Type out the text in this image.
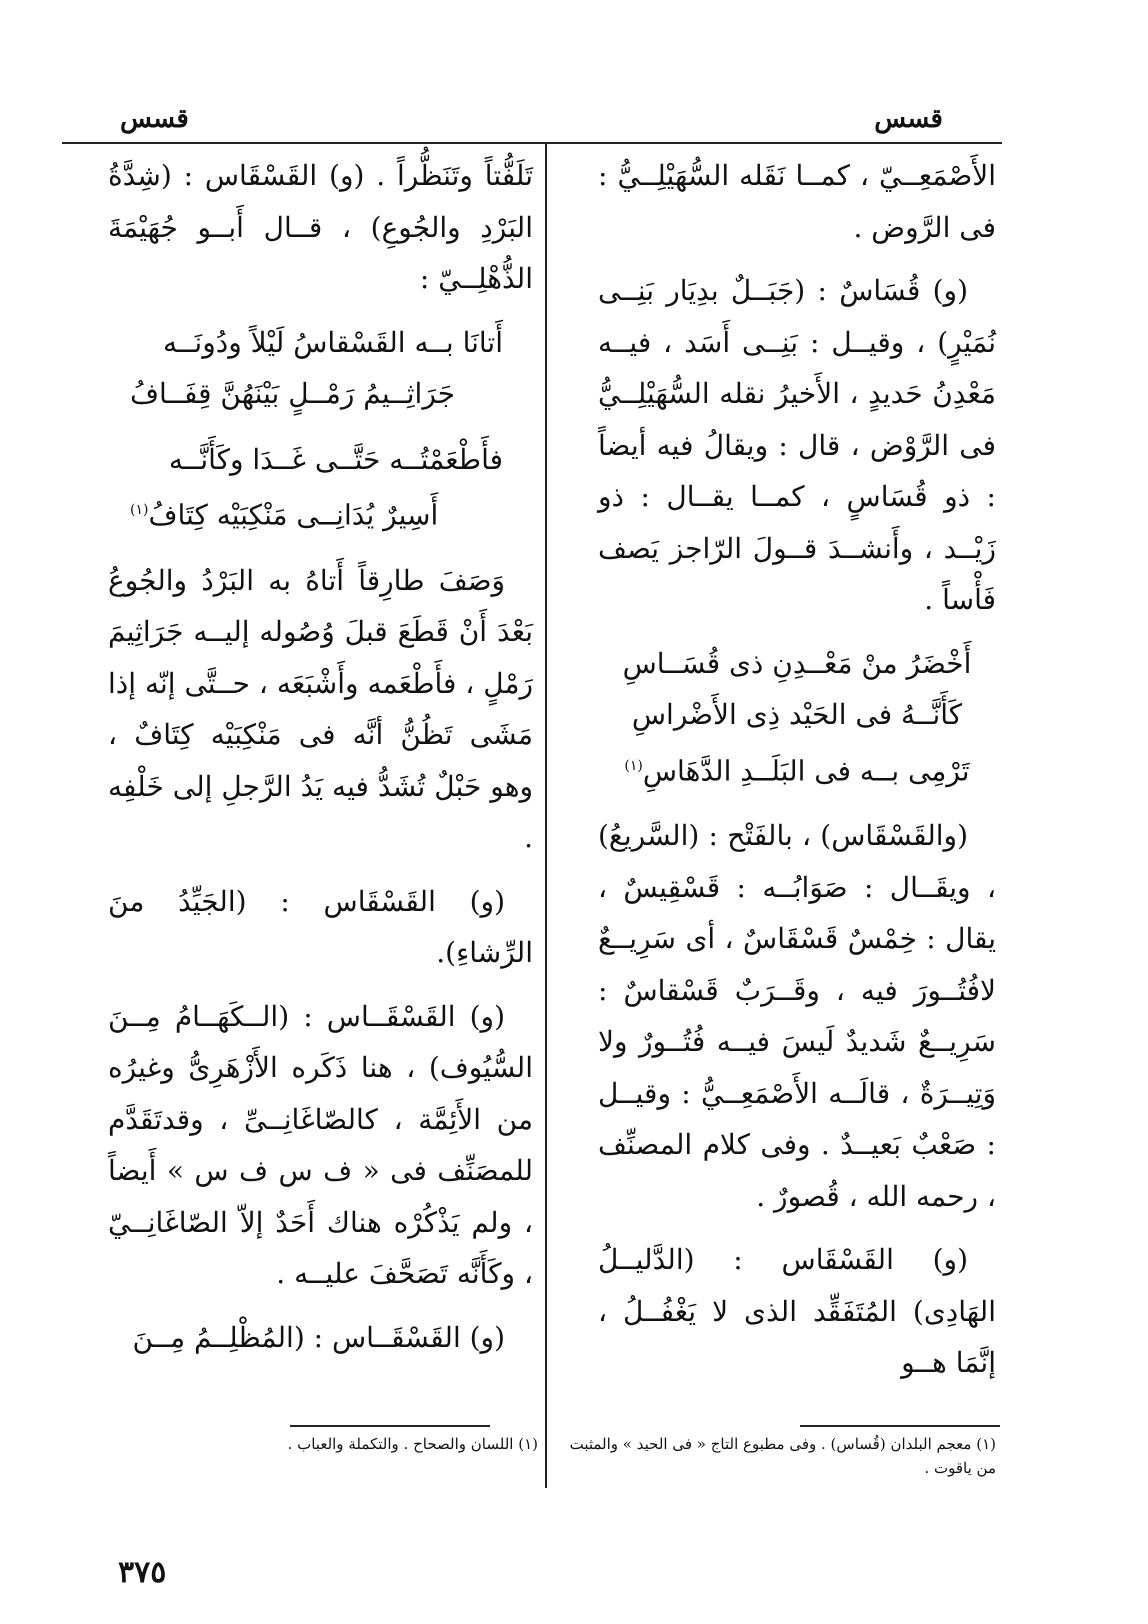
قسس
قسس

الأَصْمَعِــيّ ، كمــا نَقَله السُّهَيْلِــيُّ : فى الرَّوض .

(و) قُسَاسٌ : (جَبَــلٌ بدِيَار بَنِــى نُمَيْرٍ) ، وقيــل : بَنِــى أَسَد ، فيــه مَعْدِنُ حَديدٍ ، الأَخيرُ نقله السُّهَيْلِــيُّ فى الرَّوْض ، قال : ويقالُ فيه أيضاً : ذو قُسَاسٍ ، كمــا يقــال : ذو زَيْــد ، وأَنشــدَ قــولَ الرّاجز يَصف فَأْساً .

أَخْضَرُ منْ مَعْــدِنِ ذى قُسَــاسِ
كَأَنَّــهُ فى الحَيْد ذِى الأَضْراسِ
تَرْمِى بــه فى البَلَــدِ الدَّهَاسِ$^{(١)}$

(والقَسْقَاس) ، بالفَتْح : (السَّريعُ) ، ويقَــال : صَوَابُــه : قَسْقِيسٌ ، يقال : خِمْسٌ قَسْقَاسٌ ، أى سَرِيــعٌ لافُتُــورَ فيه ، وقَــرَبٌ قَسْقاسٌ : سَرِيــعٌ شَديدٌ لَيسَ فيــه فُتُــورٌ ولا وَتِيــرَةٌ ، قالَــه الأَصْمَعِــيُّ : وقيــل : صَعْبٌ بَعيــدٌ . وفى كلام المصنِّف ، رحمه الله ، قُصورٌ .

(و) القَسْقَاس : (الدَّليــلُ الهَادِى) المُتَفَقِّد الذى لا يَغْفُــلُ ، إنَّمَا هــو

تَلَفُّتاً وتَنَظُّراً . (و) القَسْقَاس : (شِدَّةُ البَرْدِ والجُوعِ) ، قــال أَبــو جُهَيْمَةَ الذُّهْلِــيّ :

أَتانَا بــه القَسْقاسُ لَيْلاً ودُونَــه
جَرَاثِــيمُ رَمْــلٍ بَيْنَهُنَّ قِفَــافُ
فأَطْعَمْتُــه حَتَّــى غَــدَا وكَأَنَّــه
أَسِيرٌ يُدَانِــى مَنْكِبَيْه كِتَافُ$^{(١)}$

وَصَفَ طارِقاً أَتاهُ به البَرْدُ والجُوعُ بَعْدَ أَنْ قَطَعَ قبلَ وُصُوله إليــه جَرَاثِيمَ رَمْلٍ ، فأَطْعَمه وأَشْبَعَه ، حــتَّى إنّه إذا مَشَى تَظُنُّ أنَّه فى مَنْكِبَيْه كِتَافٌ ، وهو حَبْلٌ تُشَدُّ فيه يَدُ الرَّجلِ إلى خَلْفِه .

(و) القَسْقَاس : (الجَيِّدُ منَ الرِّشاءِ).

(و) القَسْقَــاس : (الــكَهَــامُ مِــنَ السُّيُوف) ، هنا ذَكَره الأَزْهَرِىُّ وغيرُه من الأَئِمَّة ، كالصّاغَانِــىِّ ، وقدتَقَدَّم للمصَنِّف فى « ف س ف س » أَيضاً ، ولم يَذْكُرْه هناك أَحَدٌ إلاّ الصّاغَانِــيّ ، وكَأَنَّه تَصَحَّفَ عليــه .

(و) القَسْقَــاس : (المُظْلِــمُ مِــنَ

(١) معجم البلدان (قُساس) . وفى مطبوع التاج « فى الحيد » والمثبت من ياقوت .
(١) اللسان والصحاح . والتكملة والعباب .
٣٧٥
